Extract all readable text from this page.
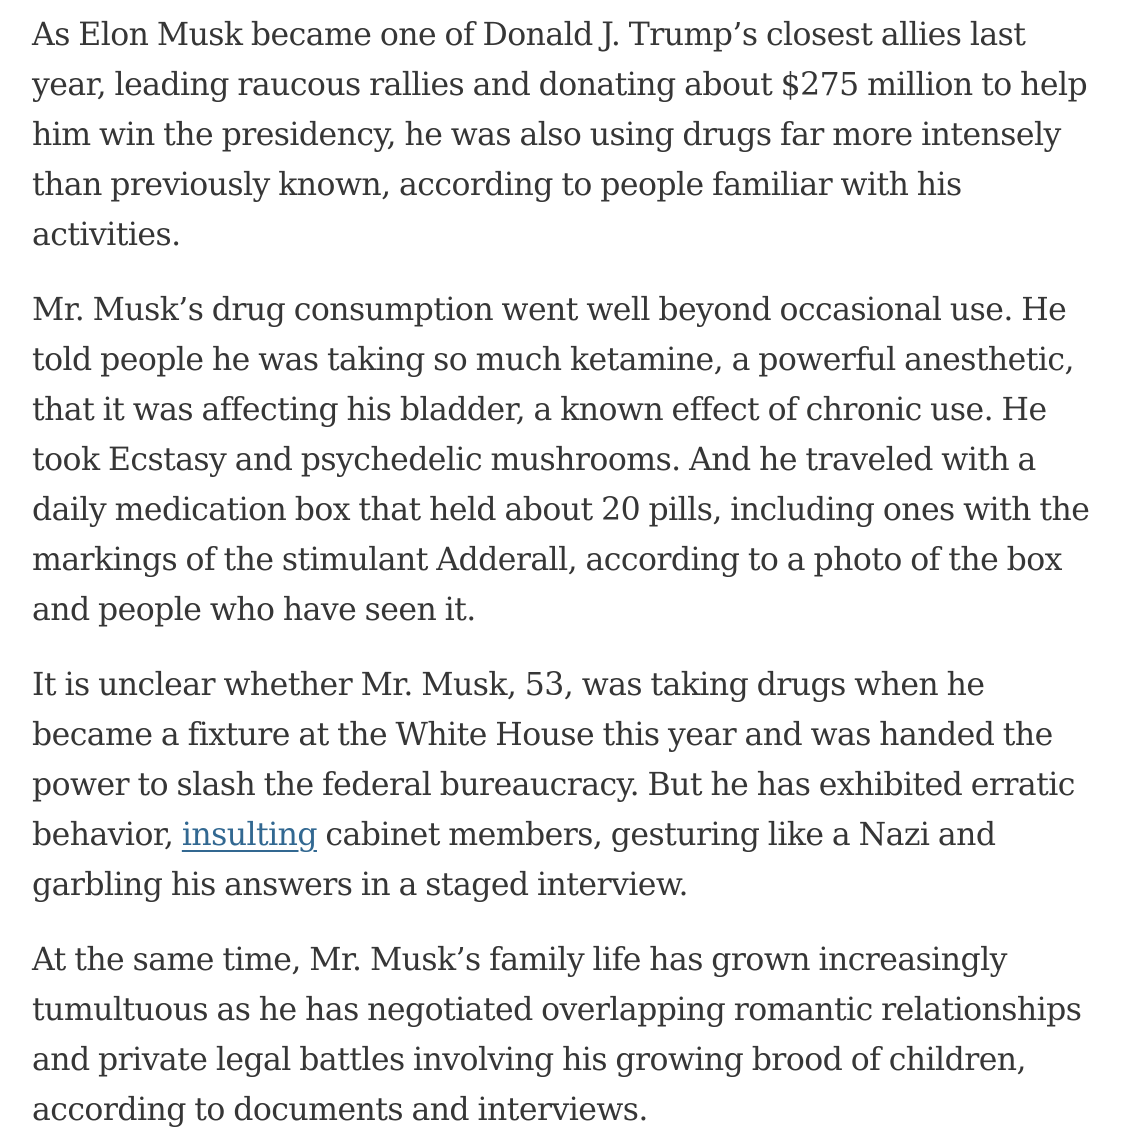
As Elon Musk became one of Donald J. Trump’s closest allies last year, leading raucous rallies and donating about $275 million to help him win the presidency, he was also using drugs far more intensely than previously known, according to people familiar with his activities.

Mr. Musk’s drug consumption went well beyond occasional use. He told people he was taking so much ketamine, a powerful anesthetic, that it was affecting his bladder, a known effect of chronic use. He took Ecstasy and psychedelic mushrooms. And he traveled with a daily medication box that held about 20 pills, including ones with the markings of the stimulant Adderall, according to a photo of the box and people who have seen it.

It is unclear whether Mr. Musk, 53, was taking drugs when he became a fixture at the White House this year and was handed the power to slash the federal bureaucracy. But he has exhibited erratic behavior, insulting cabinet members, gesturing like a Nazi and garbling his answers in a staged interview.

At the same time, Mr. Musk’s family life has grown increasingly tumultuous as he has negotiated overlapping romantic relationships and private legal battles involving his growing brood of children, according to documents and interviews.
